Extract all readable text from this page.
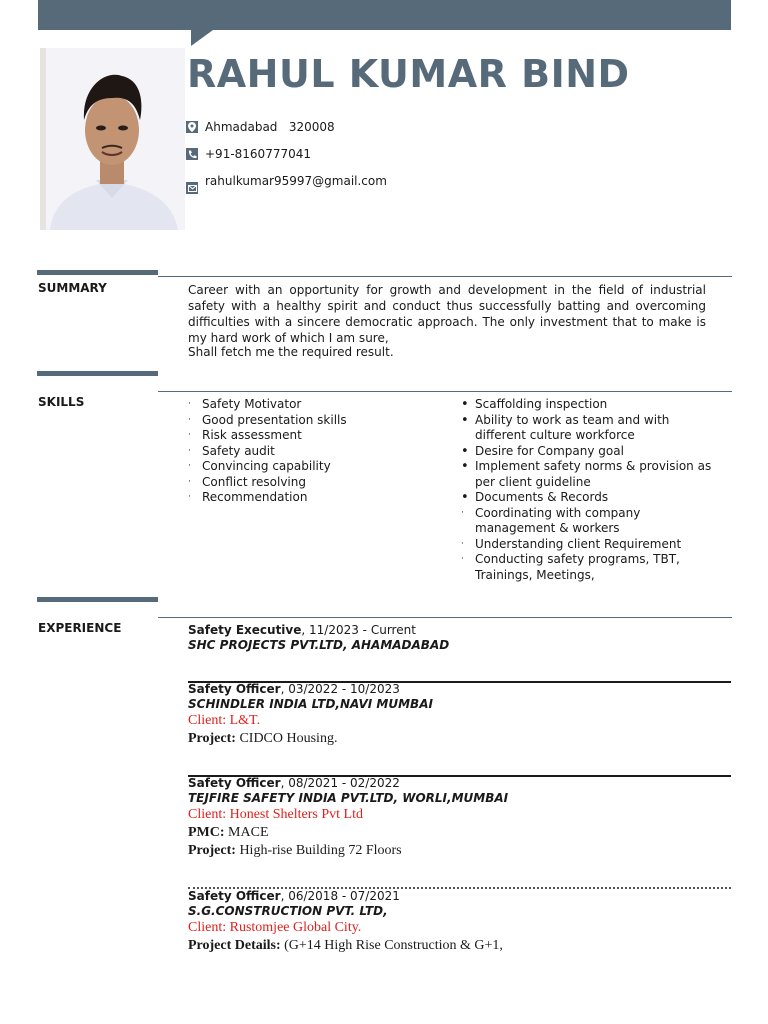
RAHUL KUMAR BIND
Ahmadabad   320008
+91-8160777041
rahulkumar95997@gmail.com
SUMMARY	Career with an opportunity for growth and development in the field of industrial safety with a healthy spirit and conduct thus successfully batting and overcoming difficulties with a sincere democratic approach. The only investment that to make is my hard work of which I am sure,
Shall fetch me the required result.
SKILLS	· Safety Motivator
· Good presentation skills
· Risk assessment
· Safety audit
· Convincing capability
· Conflict resolving
· Recommendation
• Scaffolding inspection
• Ability to work as team and with different culture workforce
• Desire for Company goal
• Implement safety norms & provision as per client guideline
• Documents & Records
· Coordinating with company management & workers
· Understanding client Requirement
· Conducting safety programs, TBT, Trainings, Meetings,
EXPERIENCE	Safety Executive, 11/2023 - Current
SHC PROJECTS PVT.LTD, AHAMADABAD
Safety Officer, 03/2022 - 10/2023
SCHINDLER INDIA LTD,NAVI MUMBAI
Client: L&T.
Project: CIDCO Housing.
Safety Officer, 08/2021 - 02/2022
TEJFIRE SAFETY INDIA PVT.LTD, WORLI,MUMBAI
Client: Honest Shelters Pvt Ltd
PMC: MACE
Project: High-rise Building 72 Floors
Safety Officer, 06/2018 - 07/2021
S.G.CONSTRUCTION PVT. LTD,
Client: Rustomjee Global City.
Project Details: (G+14 High Rise Construction & G+1,
